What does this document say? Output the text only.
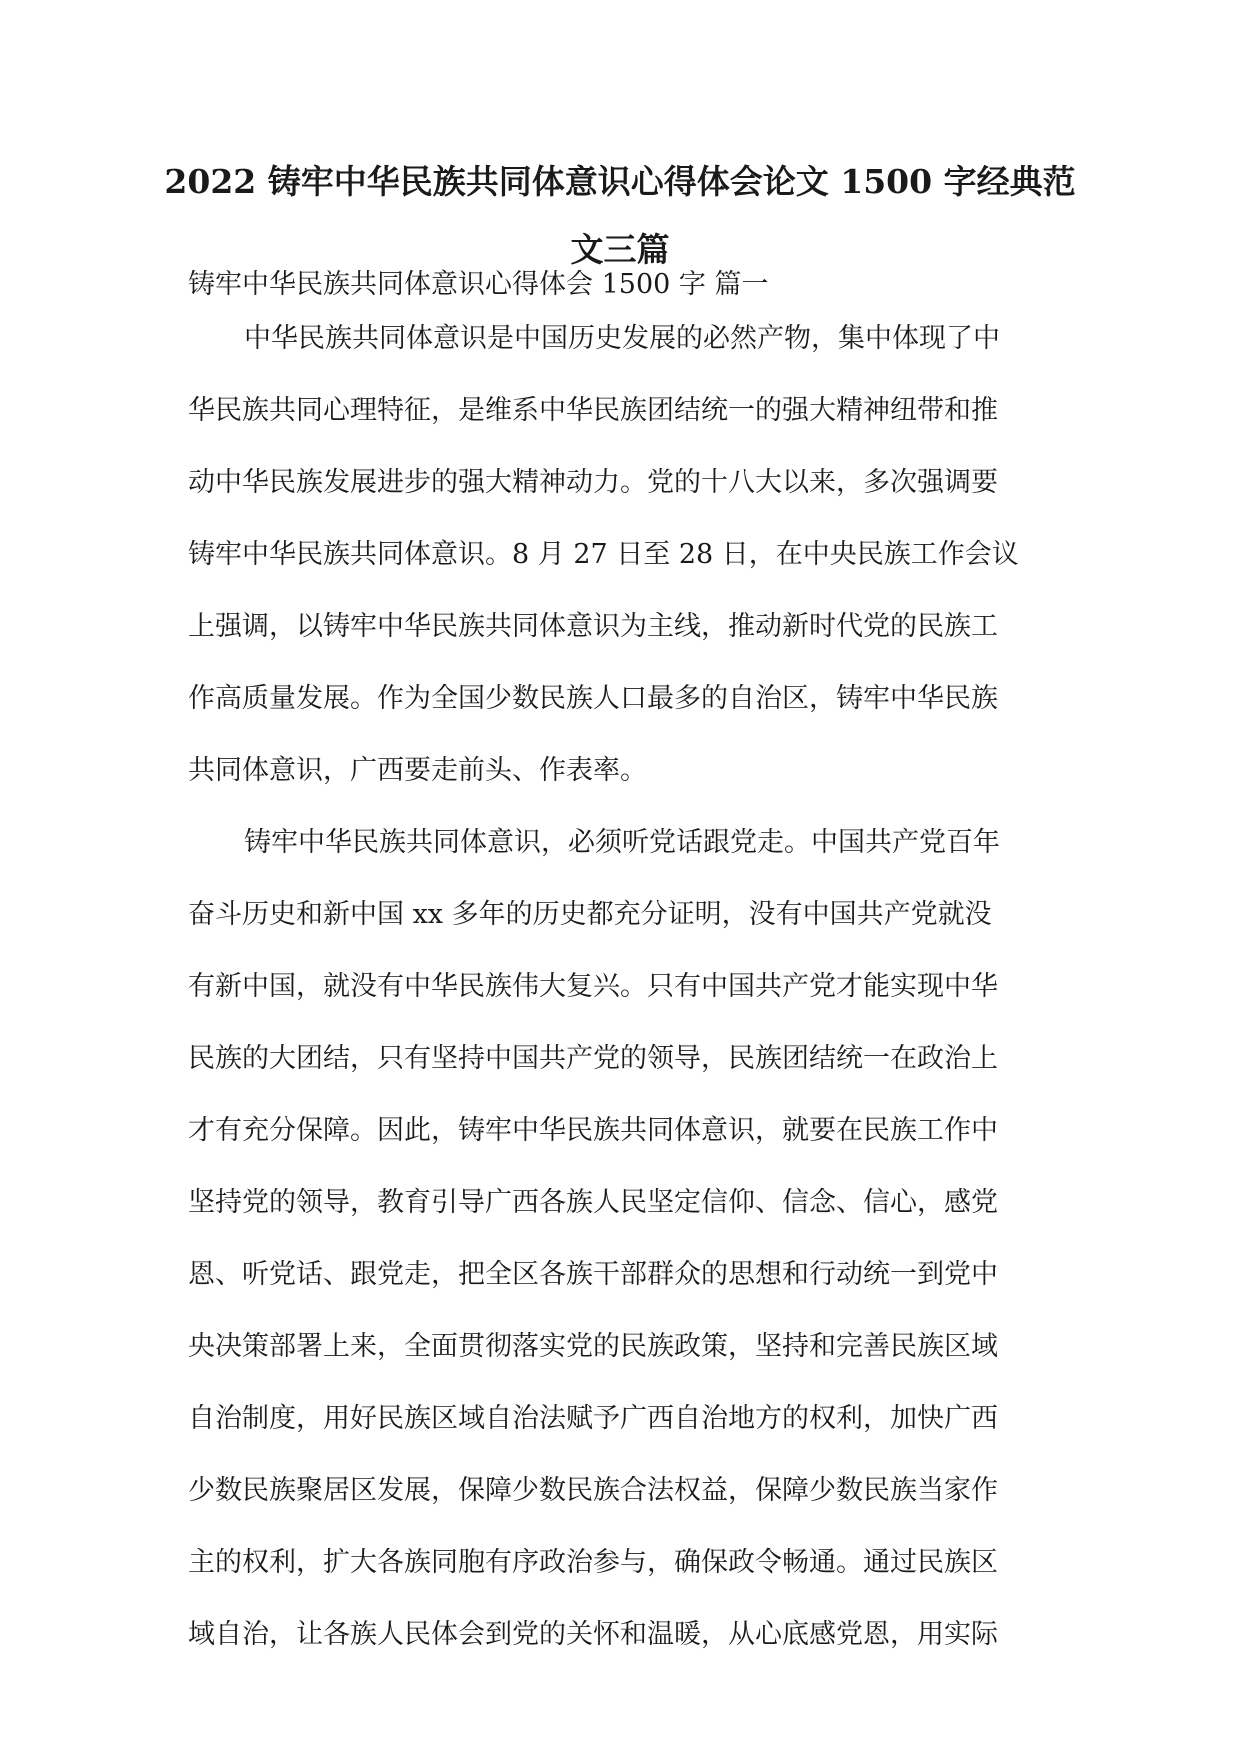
2022 铸牢中华民族共同体意识心得体会论文 1500 字经典范
文三篇

铸牢中华民族共同体意识心得体会 1500 字 篇一

中华民族共同体意识是中国历史发展的必然产物，集中体现了中

华民族共同心理特征，是维系中华民族团结统一的强大精神纽带和推

动中华民族发展进步的强大精神动力。党的十八大以来，多次强调要

铸牢中华民族共同体意识。8 月 27 日至 28 日，在中央民族工作会议

上强调，以铸牢中华民族共同体意识为主线，推动新时代党的民族工

作高质量发展。作为全国少数民族人口最多的自治区，铸牢中华民族

共同体意识，广西要走前头、作表率。

铸牢中华民族共同体意识，必须听党话跟党走。中国共产党百年

奋斗历史和新中国 xx 多年的历史都充分证明，没有中国共产党就没

有新中国，就没有中华民族伟大复兴。只有中国共产党才能实现中华

民族的大团结，只有坚持中国共产党的领导，民族团结统一在政治上

才有充分保障。因此，铸牢中华民族共同体意识，就要在民族工作中

坚持党的领导，教育引导广西各族人民坚定信仰、信念、信心，感党

恩、听党话、跟党走，把全区各族干部群众的思想和行动统一到党中

央决策部署上来，全面贯彻落实党的民族政策，坚持和完善民族区域

自治制度，用好民族区域自治法赋予广西自治地方的权利，加快广西

少数民族聚居区发展，保障少数民族合法权益，保障少数民族当家作

主的权利，扩大各族同胞有序政治参与，确保政令畅通。通过民族区

域自治，让各族人民体会到党的关怀和温暖，从心底感党恩，用实际
